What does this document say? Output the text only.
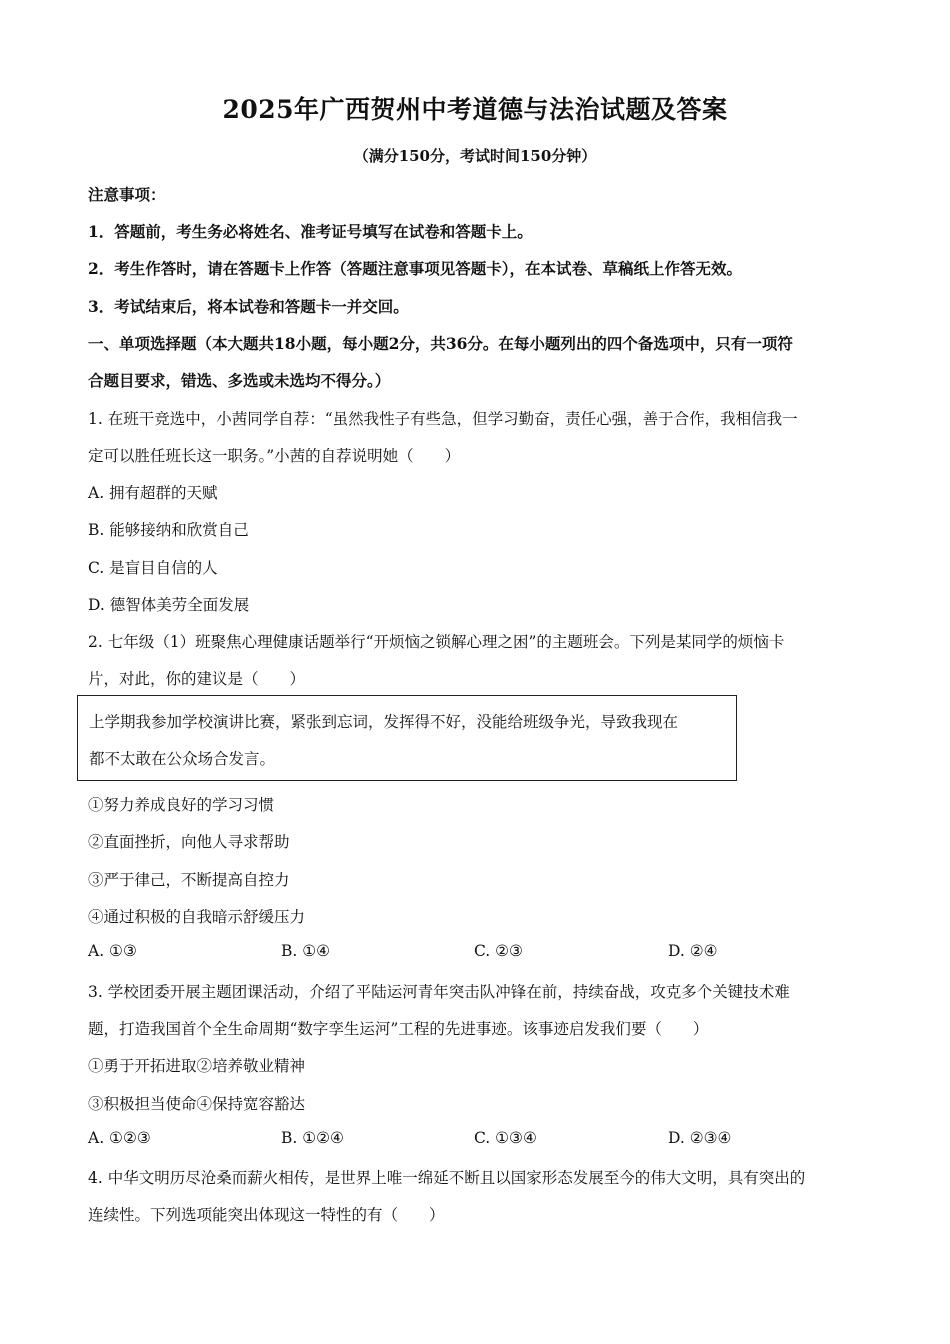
2025年广西贺州中考道德与法治试题及答案
（满分150分，考试时间150分钟）
注意事项：
1．答题前，考生务必将姓名、准考证号填写在试卷和答题卡上。
2．考生作答时，请在答题卡上作答（答题注意事项见答题卡），在本试卷、草稿纸上作答无效。
3．考试结束后，将本试卷和答题卡一并交回。
一、单项选择题（本大题共18小题，每小题2分，共36分。在每小题列出的四个备选项中，只有一项符
合题目要求，错选、多选或未选均不得分。）
1. 在班干竞选中，小茜同学自荐：“虽然我性子有些急，但学习勤奋，责任心强，善于合作，我相信我一
定可以胜任班长这一职务。”小茜的自荐说明她（　　）
A. 拥有超群的天赋
B. 能够接纳和欣赏自己
C. 是盲目自信的人
D. 德智体美劳全面发展
2. 七年级（1）班聚焦心理健康话题举行“开烦恼之锁解心理之困”的主题班会。下列是某同学的烦恼卡
片，对此，你的建议是（　　）
上学期我参加学校演讲比赛，紧张到忘词，发挥得不好，没能给班级争光，导致我现在
都不太敢在公众场合发言。
①努力养成良好的学习习惯
②直面挫折，向他人寻求帮助
③严于律己，不断提高自控力
④通过积极的自我暗示舒缓压力
A. ①③	B. ①④	C. ②③	D. ②④
3. 学校团委开展主题团课活动，介绍了平陆运河青年突击队冲锋在前，持续奋战，攻克多个关键技术难
题，打造我国首个全生命周期“数字孪生运河”工程的先进事迹。该事迹启发我们要（　　）
①勇于开拓进取②培养敬业精神
③积极担当使命④保持宽容豁达
A. ①②③	B. ①②④	C. ①③④	D. ②③④
4. 中华文明历尽沧桑而薪火相传，是世界上唯一绵延不断且以国家形态发展至今的伟大文明，具有突出的
连续性。下列选项能突出体现这一特性的有（　　）
